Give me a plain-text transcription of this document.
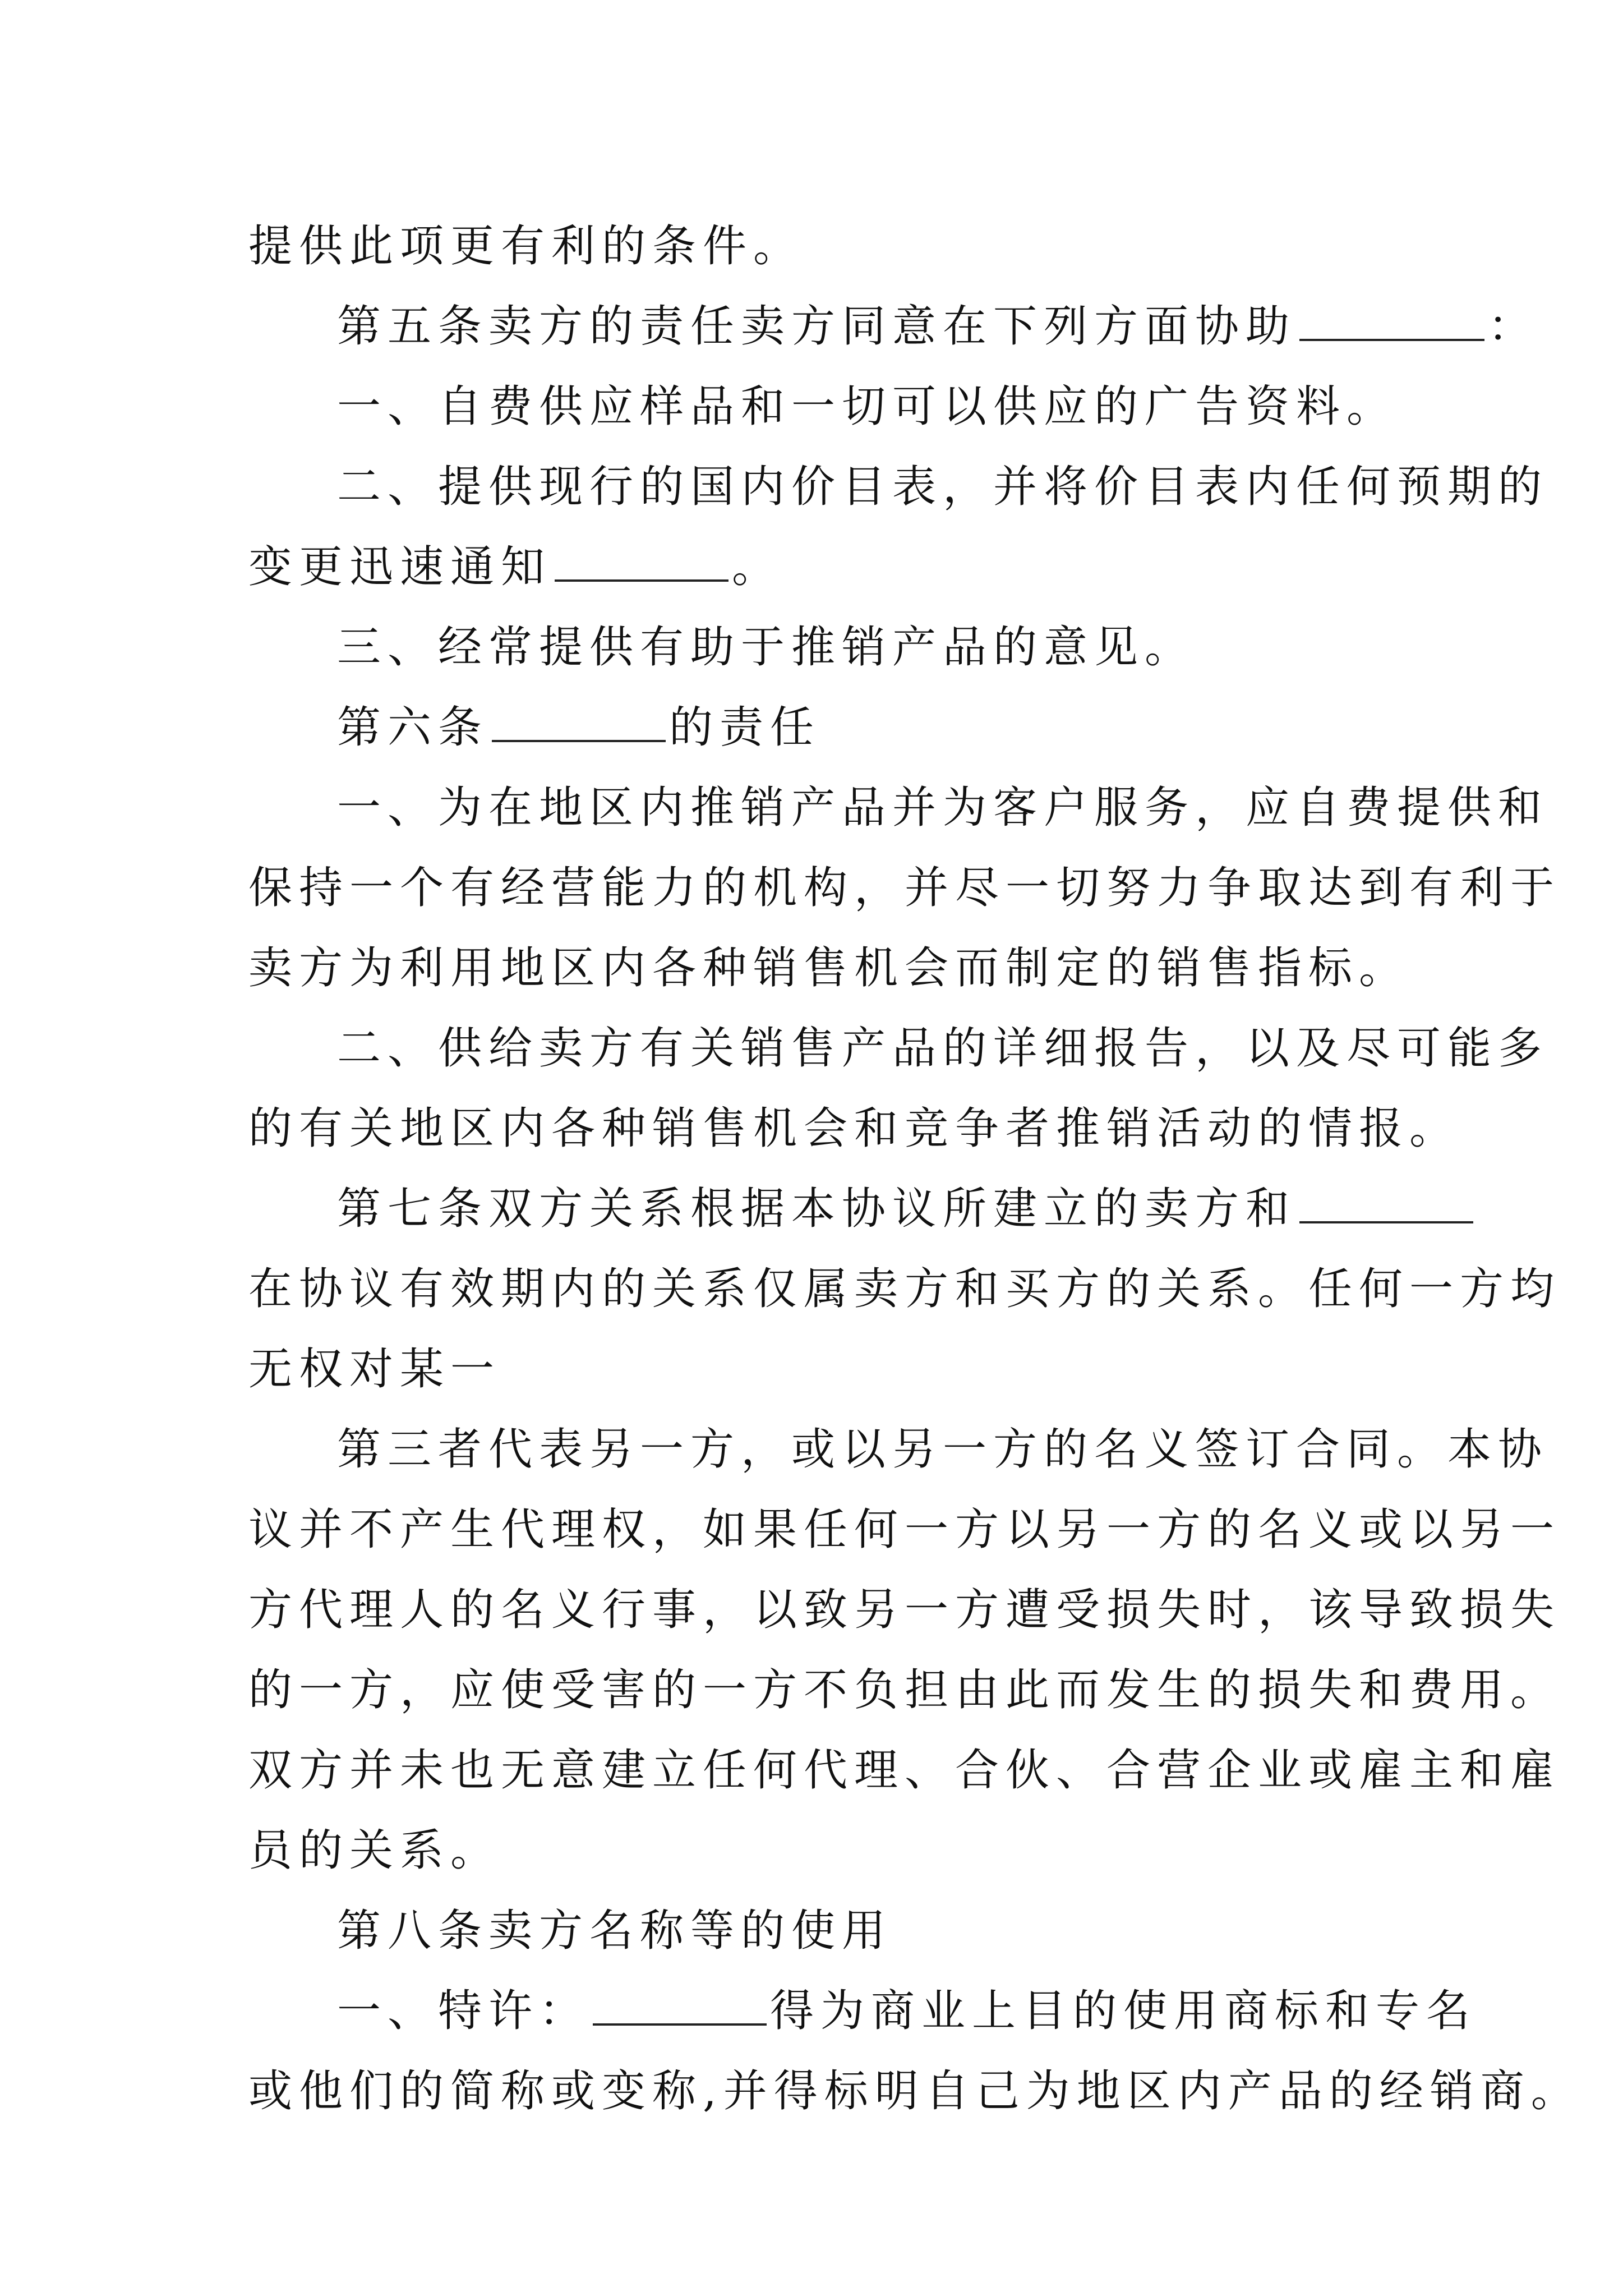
提供此项更有利的条件。
第五条卖方的责任卖方同意在下列方面协助	：
一、自费供应样品和一切可以供应的广告资料。
二、提供现行的国内价目表，并将价目表内任何预期的
变更迅速通知	。
三、经常提供有助于推销产品的意见。
第六条	的责任
一、为在地区内推销产品并为客户服务，应自费提供和
保持一个有经营能力的机构，并尽一切努力争取达到有利于
卖方为利用地区内各种销售机会而制定的销售指标。
二、供给卖方有关销售产品的详细报告，以及尽可能多
的有关地区内各种销售机会和竞争者推销活动的情报。
第七条双方关系根据本协议所建立的卖方和
在协议有效期内的关系仅属卖方和买方的关系。任何一方均
无权对某一
第三者代表另一方，或以另一方的名义签订合同。本协
议并不产生代理权，如果任何一方以另一方的名义或以另一
方代理人的名义行事，以致另一方遭受损失时，该导致损失
的一方，应使受害的一方不负担由此而发生的损失和费用。
双方并未也无意建立任何代理、合伙、合营企业或雇主和雇
员的关系。
第八条卖方名称等的使用
一、特许：	得为商业上目的使用商标和专名
或他们的简称或变称,并得标明自己为地区内产品的经销商。
